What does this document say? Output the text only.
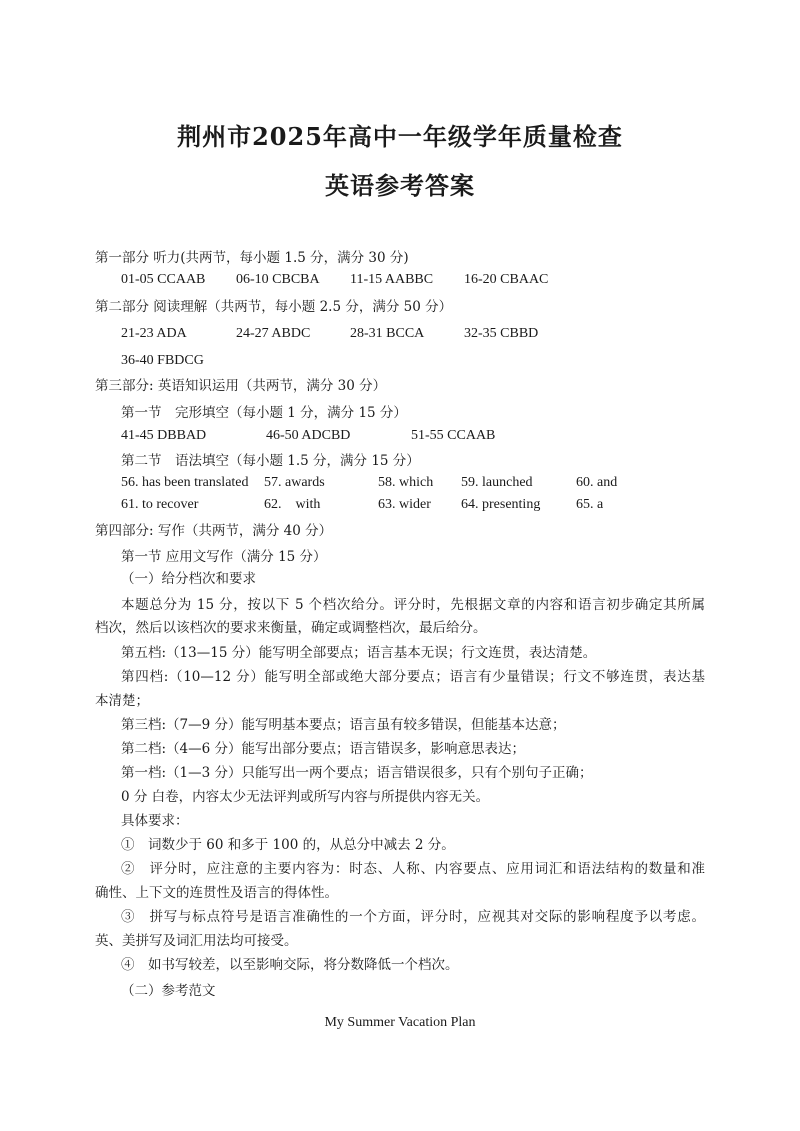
荆州市2025年高中一年级学年质量检查
英语参考答案
第一部分 听力(共两节，每小题 1.5 分，满分 30 分)
01-05 CCAAB 06-10 CBCBA 11-15 AABBC 16-20 CBAAC
第二部分 阅读理解（共两节，每小题 2.5 分，满分 50 分）
21-23 ADA	24-27 ABDC	28-31 BCCA	32-35 CBBD
36-40 FBDCG
第三部分: 英语知识运用（共两节，满分 30 分）
第一节　完形填空（每小题 1 分，满分 15 分）
41-45 DBBAD	46-50 ADCBD	51-55 CCAAB
第二节　语法填空（每小题 1.5 分，满分 15 分）
56. has been translated 57. awards	58. which 59. launched	60. and
61. to recover	62.　with	63. wider 64. presenting	65. a
第四部分: 写作（共两节，满分 40 分）
第一节 应用文写作（满分 15 分）
（一）给分档次和要求
本题总分为 15 分，按以下 5 个档次给分。评分时，先根据文章的内容和语言初步确定其所属
档次，然后以该档次的要求来衡量，确定或调整档次，最后给分。
第五档:（13—15 分）能写明全部要点；语言基本无误；行文连贯，表达清楚。
第四档:（10—12 分）能写明全部或绝大部分要点；语言有少量错误；行文不够连贯，表达基
本清楚；
第三档:（7—9 分）能写明基本要点；语言虽有较多错误，但能基本达意；
第二档:（4—6 分）能写出部分要点；语言错误多，影响意思表达；
第一档:（1—3 分）只能写出一两个要点；语言错误很多，只有个别句子正确；
0 分 白卷，内容太少无法评判或所写内容与所提供内容无关。
具体要求：
①　词数少于 60 和多于 100 的，从总分中减去 2 分。
②　评分时，应注意的主要内容为：时态、人称、内容要点、应用词汇和语法结构的数量和准
确性、上下文的连贯性及语言的得体性。
③　拼写与标点符号是语言准确性的一个方面，评分时，应视其对交际的影响程度予以考虑。
英、美拼写及词汇用法均可接受。
④　如书写较差，以至影响交际，将分数降低一个档次。
（二）参考范文
My Summer Vacation Plan
